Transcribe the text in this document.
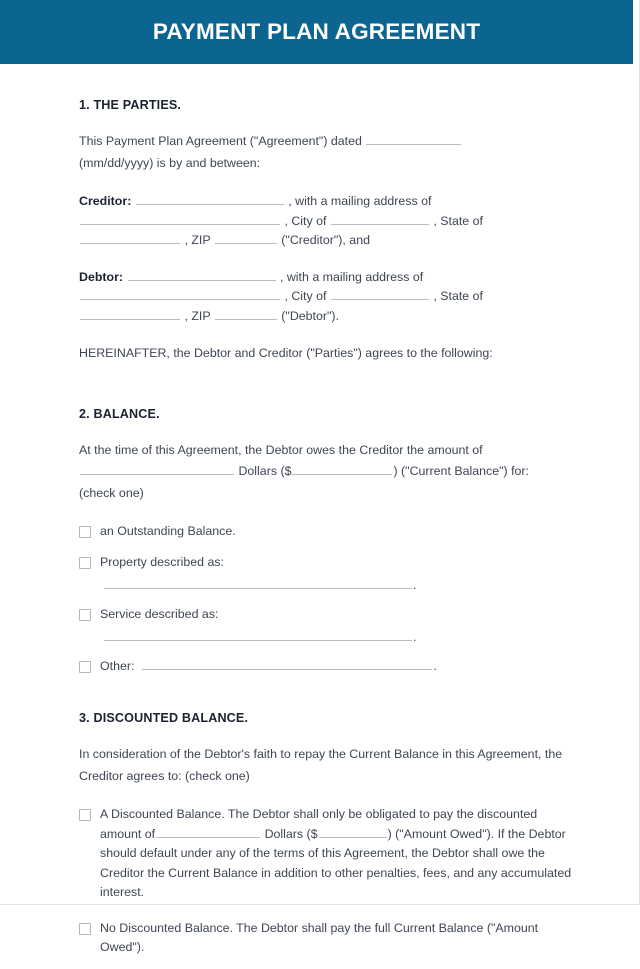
PAYMENT PLAN AGREEMENT
1. THE PARTIES.

This Payment Plan Agreement ("Agreement") dated
(mm/dd/yyyy) is by and between:

Creditor:	, with a mailing address of
, City of	, State of
, ZIP	("Creditor"), and
Debtor:	, with a mailing address of
, City of	, State of
, ZIP	("Debtor").

HEREINAFTER, the Debtor and Creditor ("Parties") agrees to the following:

2. BALANCE.

At the time of this Agreement, the Debtor owes the Creditor the amount of
Dollars ($	) ("Current Balance") for:
(check one)

an Outstanding Balance.
Property described as:
.
Service described as:
.
Other:	.
3. DISCOUNTED BALANCE.

In consideration of the Debtor's faith to repay the Current Balance in this Agreement, the Creditor agrees to: (check one)

A Discounted Balance. The Debtor shall only be obligated to pay the discounted amount of	Dollars ($	) ("Amount Owed"). If the Debtor should default under any of the terms of this Agreement, the Debtor shall owe the Creditor the Current Balance in addition to other penalties, fees, and any accumulated interest.
No Discounted Balance. The Debtor shall pay the full Current Balance ("Amount Owed").
